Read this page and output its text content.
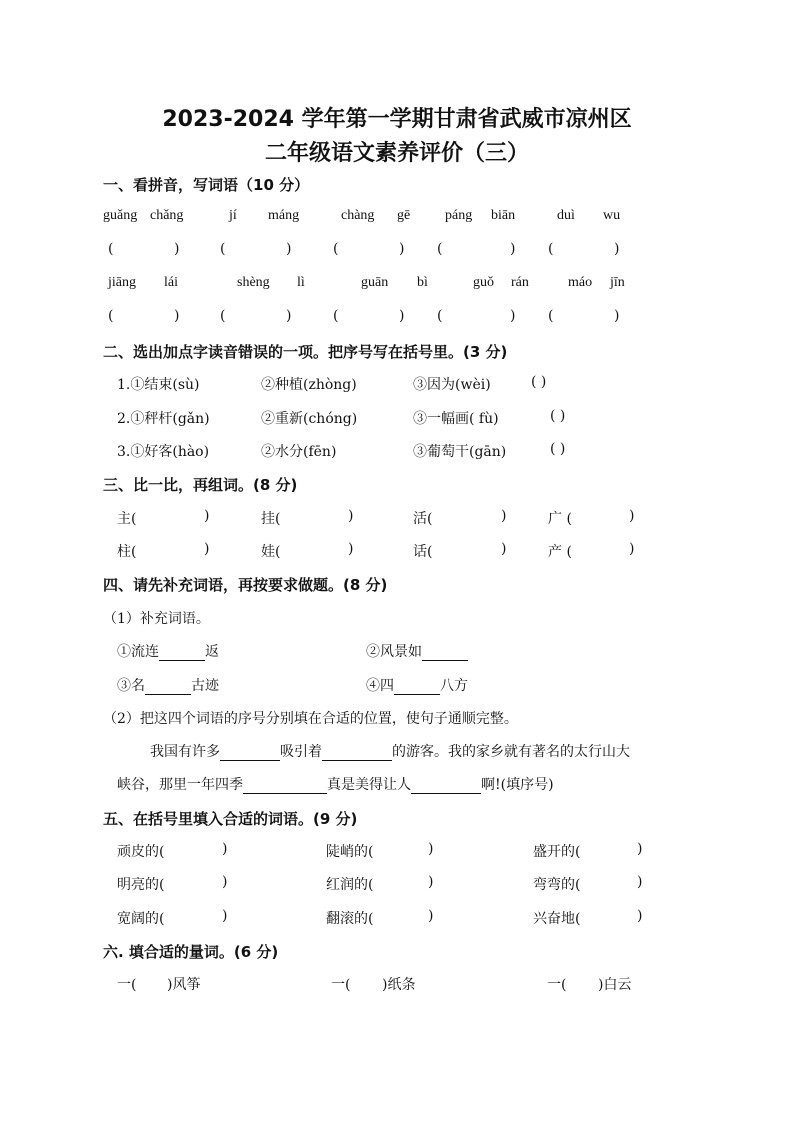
2023-2024 学年第一学期甘肃省武威市凉州区
二年级语文素养评价（三）
一、看拼音，写词语（10 分）
guǎng chǎng	jí máng	chàng gē páng biān	duì wu
(	)	(	)	(	) (	) (	)
jiāng lái	shèng lì	guān bì	guǒ rán	máo jīn
(	)	(	)	(	) (	) (	)
二、选出加点字读音错误的一项。把序号写在括号里。(3 分)
1.①结束(sù)	②种植(zhòng)	③因为(wèi)	( )
2.①秤杆(gǎn)	②重新(chóng)	③一幅画( fù)	( )
3.①好客(hào)	②水分(fēn)	③葡萄干(gān)	( )
三、比一比，再组词。(8 分)
主(	)	挂(	)	活(	)	广 (	)
柱(	)	娃(	)	话(	)	产 (	)
四、请先补充词语，再按要求做题。(8 分)
（1）补充词语。
①流连	返	②风景如
③名	古迹	④四	八方
（2）把这四个词语的序号分别填在合适的位置，使句子通顺完整。
我国有许多	吸引着	的游客。我的家乡就有著名的太行山大
峡谷，那里一年四季	真是美得让人	啊!(填序号)
五、在括号里填入合适的词语。(9 分)
顽皮的(	)	陡峭的(	)	盛开的(	)
明亮的(	)	红润的(	)	弯弯的(	)
宽阔的(	)	翻滚的(	)	兴奋地(	)
六. 填合适的量词。(6 分)
一( )风筝	一( )纸条	一( )白云
